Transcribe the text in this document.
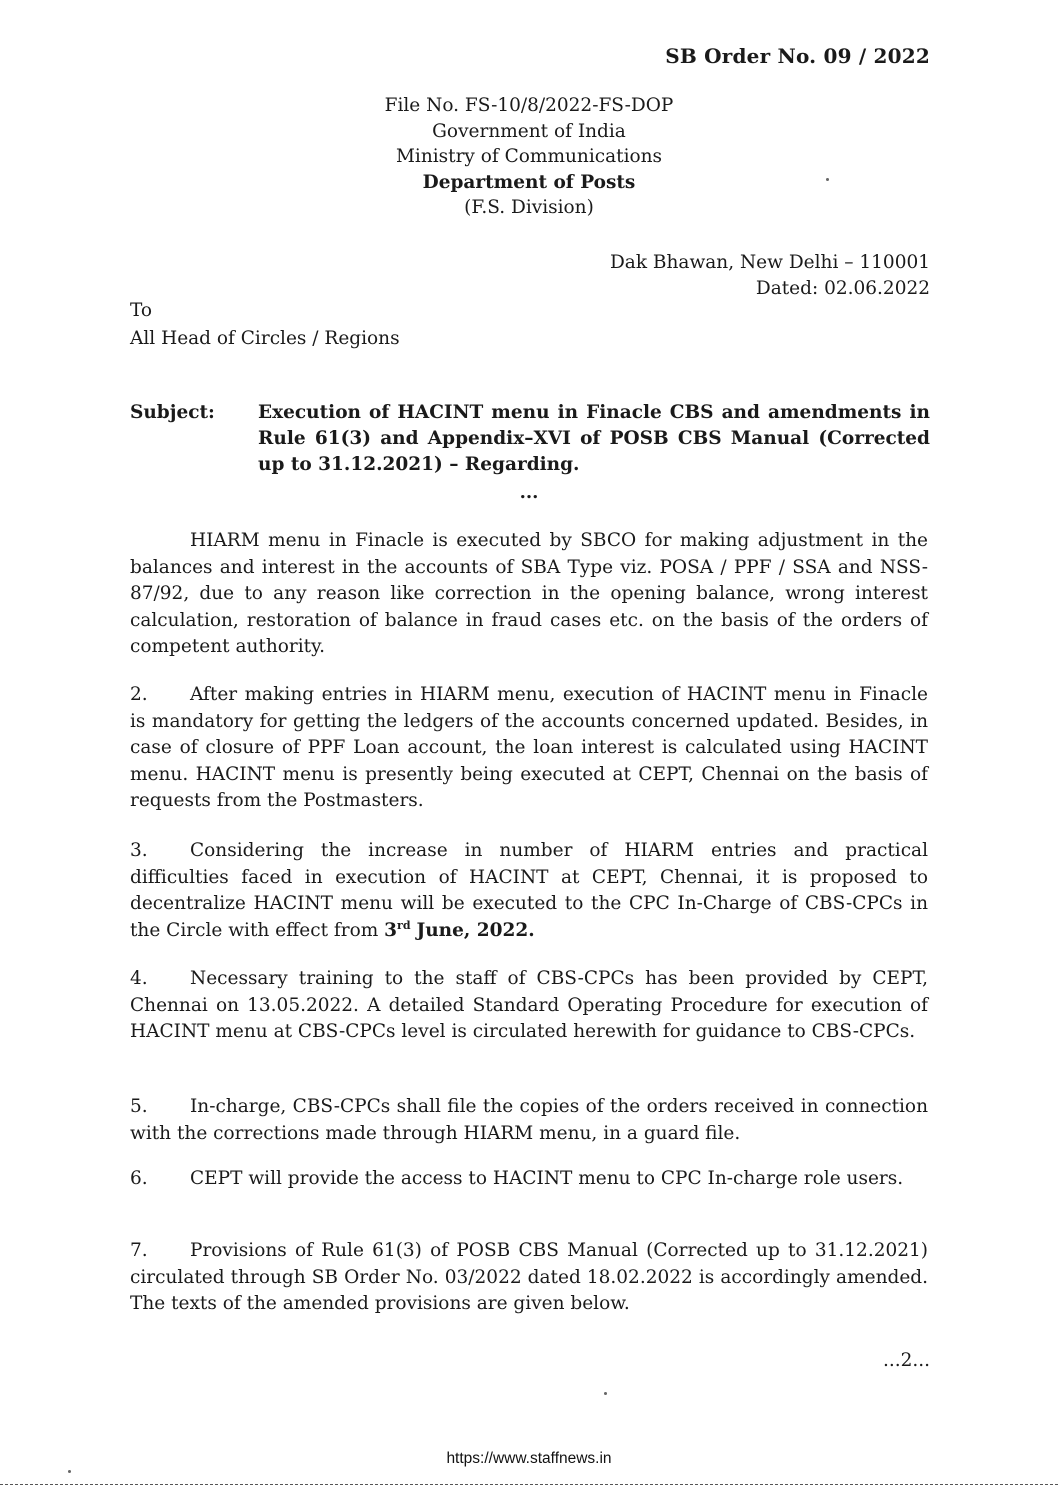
SB Order No. 09 / 2022
File No. FS-10/8/2022-FS-DOP
Government of India
Ministry of Communications
Department of Posts
(F.S. Division)
Dak Bhawan, New Delhi – 110001
Dated: 02.06.2022
To
All Head of Circles / Regions
Subject: Execution of HACINT menu in Finacle CBS and amendments in Rule 61(3) and Appendix–XVI of POSB CBS Manual (Corrected up to 31.12.2021) – Regarding.
...

HIARM menu in Finacle is executed by SBCO for making adjustment in the balances and interest in the accounts of SBA Type viz. POSA / PPF / SSA and NSS-87/92, due to any reason like correction in the opening balance, wrong interest calculation, restoration of balance in fraud cases etc. on the basis of the orders of competent authority.

2. After making entries in HIARM menu, execution of HACINT menu in Finacle is mandatory for getting the ledgers of the accounts concerned updated. Besides, in case of closure of PPF Loan account, the loan interest is calculated using HACINT menu. HACINT menu is presently being executed at CEPT, Chennai on the basis of requests from the Postmasters.

3. Considering the increase in number of HIARM entries and practical difficulties faced in execution of HACINT at CEPT, Chennai, it is proposed to decentralize HACINT menu will be executed to the CPC In-Charge of CBS-CPCs in the Circle with effect from 3rd June, 2022.

4. Necessary training to the staff of CBS-CPCs has been provided by CEPT, Chennai on 13.05.2022. A detailed Standard Operating Procedure for execution of HACINT menu at CBS-CPCs level is circulated herewith for guidance to CBS-CPCs.

5. In-charge, CBS-CPCs shall file the copies of the orders received in connection with the corrections made through HIARM menu, in a guard file.

6. CEPT will provide the access to HACINT menu to CPC In-charge role users.

7. Provisions of Rule 61(3) of POSB CBS Manual (Corrected up to 31.12.2021) circulated through SB Order No. 03/2022 dated 18.02.2022 is accordingly amended. The texts of the amended provisions are given below.

...2...
https://www.staffnews.in
